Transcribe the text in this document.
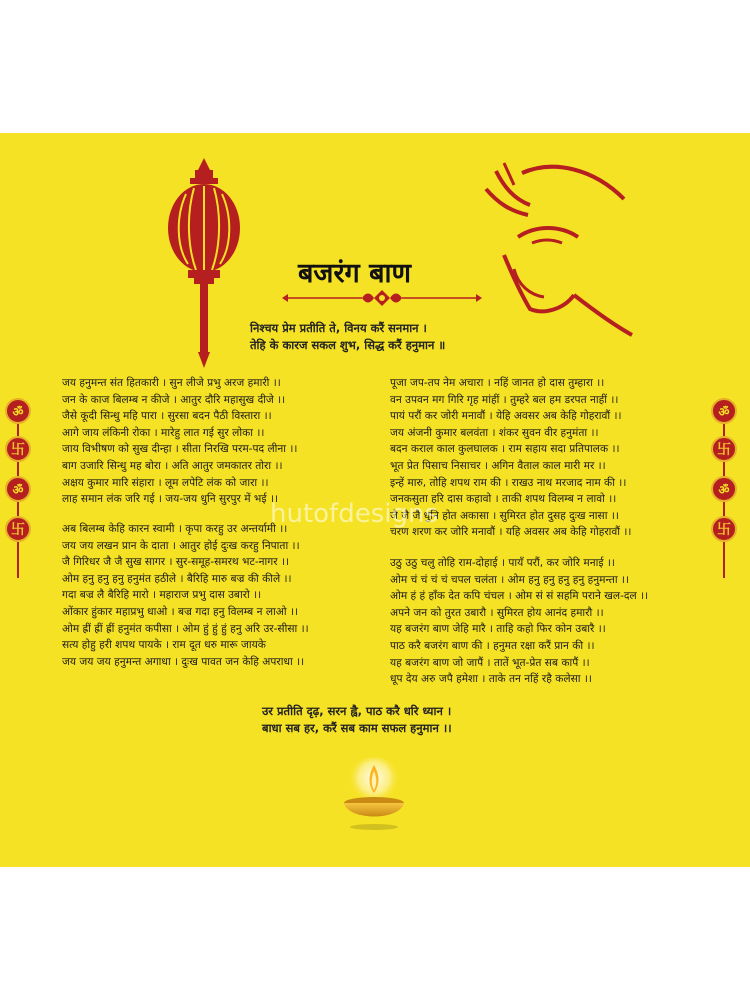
बजरंग बाण
निश्चय प्रेम प्रतीति ते, विनय करैं सनमान ।
तेहि के कारज सकल शुभ, सिद्ध करैं हनुमान ॥
जय हनुमन्त संत हितकारी । सुन लीजे प्रभु अरज हमारी ।।
जन के काज बिलम्ब न कीजे । आतुर दौरि महासुख दीजे ।।
जैसे कूदी सिन्धु महि पारा । सुरसा बदन पैठी विस्तारा ।।
आगे जाय लंकिनी रोका । मारेहु लात गई सुर लोका ।।
जाय विभीषण को सुख दीन्हा । सीता निरखि परम-पद लीना ।।
बाग उजारि सिन्धु मह बोरा । अति आतुर जमकातर तोरा ।।
अक्षय कुमार मारि संहारा । लूम लपेटि लंक को जारा ।।
लाह समान लंक जरि गई । जय-जय धुनि सुरपुर में भई ।।
अब बिलम्ब केहि कारन स्वामी । कृपा करहु उर अन्तर्यामी ।।
जय जय लखन प्रान के दाता । आतुर होई दुःख करहु निपाता ।।
जै गिरिधर जै जै सुख सागर । सुर-समूह-समरथ भट-नागर ।।
ओम हनु हनु हनु हनुमंत हठीले । बैरिहि मारु बज्र की कीले ।।
गदा बज्र लै बैरिहि मारो । महाराज प्रभु दास उबारो ।।
ओंकार हुंकार महाप्रभु धाओ । बज्र गदा हनु विलम्ब न लाओ ।।
ओम ह्रीं ह्रीं ह्रीं हनुमंत कपीसा । ओम हुं हुं हुं हनु अरि उर-सीसा ।।
सत्य होहु हरी शपथ पायके । राम दूत धरु मारू जायके
जय जय जय हनुमन्त अगाधा । दुःख पावत जन केहि अपराधा ।।
पूजा जप-तप नेम अचारा । नहिं जानत हो दास तुम्हारा ।।
वन उपवन मग गिरि गृह मांहीं । तुम्हरे बल हम डरपत नाहीं ।।
पायं परौं कर जोरी मनावौं । येहि अवसर अब केहि गोहरावौं ।।
जय अंजनी कुमार बलवंता । शंकर सुवन वीर हनुमंता ।।
बदन कराल काल कुलघालक । राम सहाय सदा प्रतिपालक ।।
भूत प्रेत पिसाच निसाचर । अगिन वैताल काल मारी मर ।।
इन्हें मारु, तोहि शपथ राम की । राखउ नाथ मरजाद नाम की ।।
जनकसुता हरि दास कहावो । ताकी शपथ विलम्ब न लावो ।।
जै जै जै धुनि होत अकासा । सुमिरत होत दुसह दुःख नासा ।।
चरण शरण कर जोरि मनावौं । यहि अवसर अब केहि गोहरावौं ।।
उठु उठु चलु तोहि राम-दोहाई । पायँ परौं, कर जोरि मनाई ।।
ओम चं चं चं चं चपल चलंता । ओम हनु हनु हनु हनु हनुमन्ता ।।
ओम हं हं हाँक देत कपि चंचल । ओम सं सं सहमि पराने खल-दल ।।
अपने जन को तुरत उबारौ । सुमिरत होय आनंद हमारौ ।।
यह बजरंग बाण जेहि मारै । ताहि कहो फिर कोन उबारै ।।
पाठ करै बजरंग बाण की । हनुमत रक्षा करैं प्रान की ।।
यह बजरंग बाण जो जापैं । तातें भूत-प्रेत सब कापैं ।।
धूप देय अरु जपै हमेशा । ताके तन नहिं रहै कलेसा ।।
उर प्रतीति दृढ़, सरन ह्वै, पाठ करै धरि ध्यान ।
बाधा सब हर, करैं सब काम सफल हनुमान ।।
ॐ
卐
ॐ
卐
ॐ
卐
ॐ
卐
hutofdesigns
